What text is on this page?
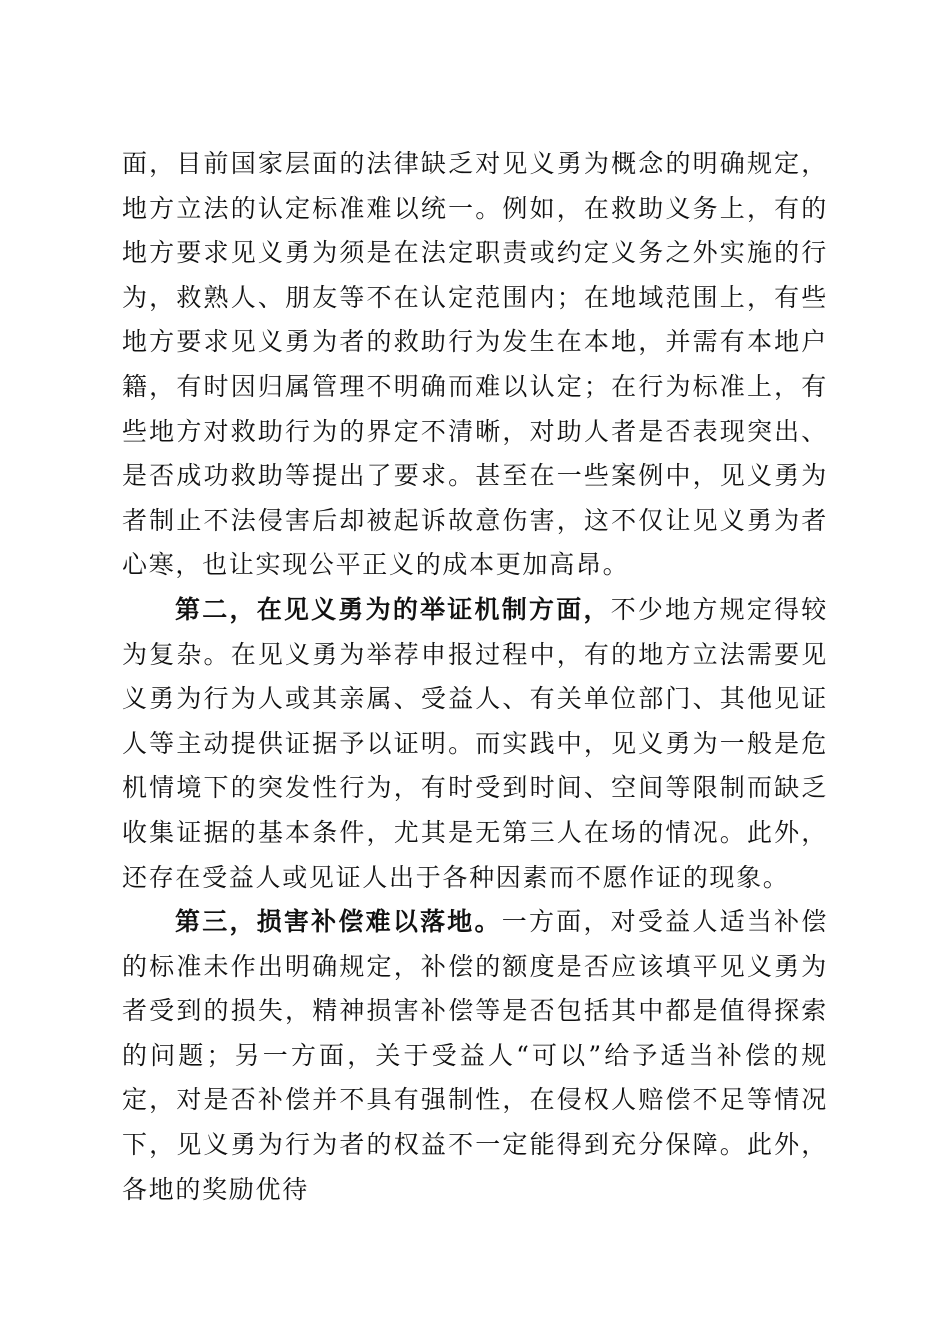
面，目前国家层面的法律缺乏对见义勇为概念的明确规定，地方立法的认定标准难以统一。例如，在救助义务上，有的地方要求见义勇为须是在法定职责或约定义务之外实施的行为，救熟人、朋友等不在认定范围内；在地域范围上，有些地方要求见义勇为者的救助行为发生在本地，并需有本地户籍，有时因归属管理不明确而难以认定；在行为标准上，有些地方对救助行为的界定不清晰，对助人者是否表现突出、是否成功救助等提出了要求。甚至在一些案例中，见义勇为者制止不法侵害后却被起诉故意伤害，这不仅让见义勇为者心寒，也让实现公平正义的成本更加高昂。

第二，在见义勇为的举证机制方面，不少地方规定得较为复杂。在见义勇为举荐申报过程中，有的地方立法需要见义勇为行为人或其亲属、受益人、有关单位部门、其他见证人等主动提供证据予以证明。而实践中，见义勇为一般是危机情境下的突发性行为，有时受到时间、空间等限制而缺乏收集证据的基本条件，尤其是无第三人在场的情况。此外，还存在受益人或见证人出于各种因素而不愿作证的现象。

第三，损害补偿难以落地。一方面，对受益人适当补偿的标准未作出明确规定，补偿的额度是否应该填平见义勇为者受到的损失，精神损害补偿等是否包括其中都是值得探索的问题；另一方面，关于受益人“可以”给予适当补偿的规定，对是否补偿并不具有强制性，在侵权人赔偿不足等情况下，见义勇为行为者的权益不一定能得到充分保障。此外，各地的奖励优待
